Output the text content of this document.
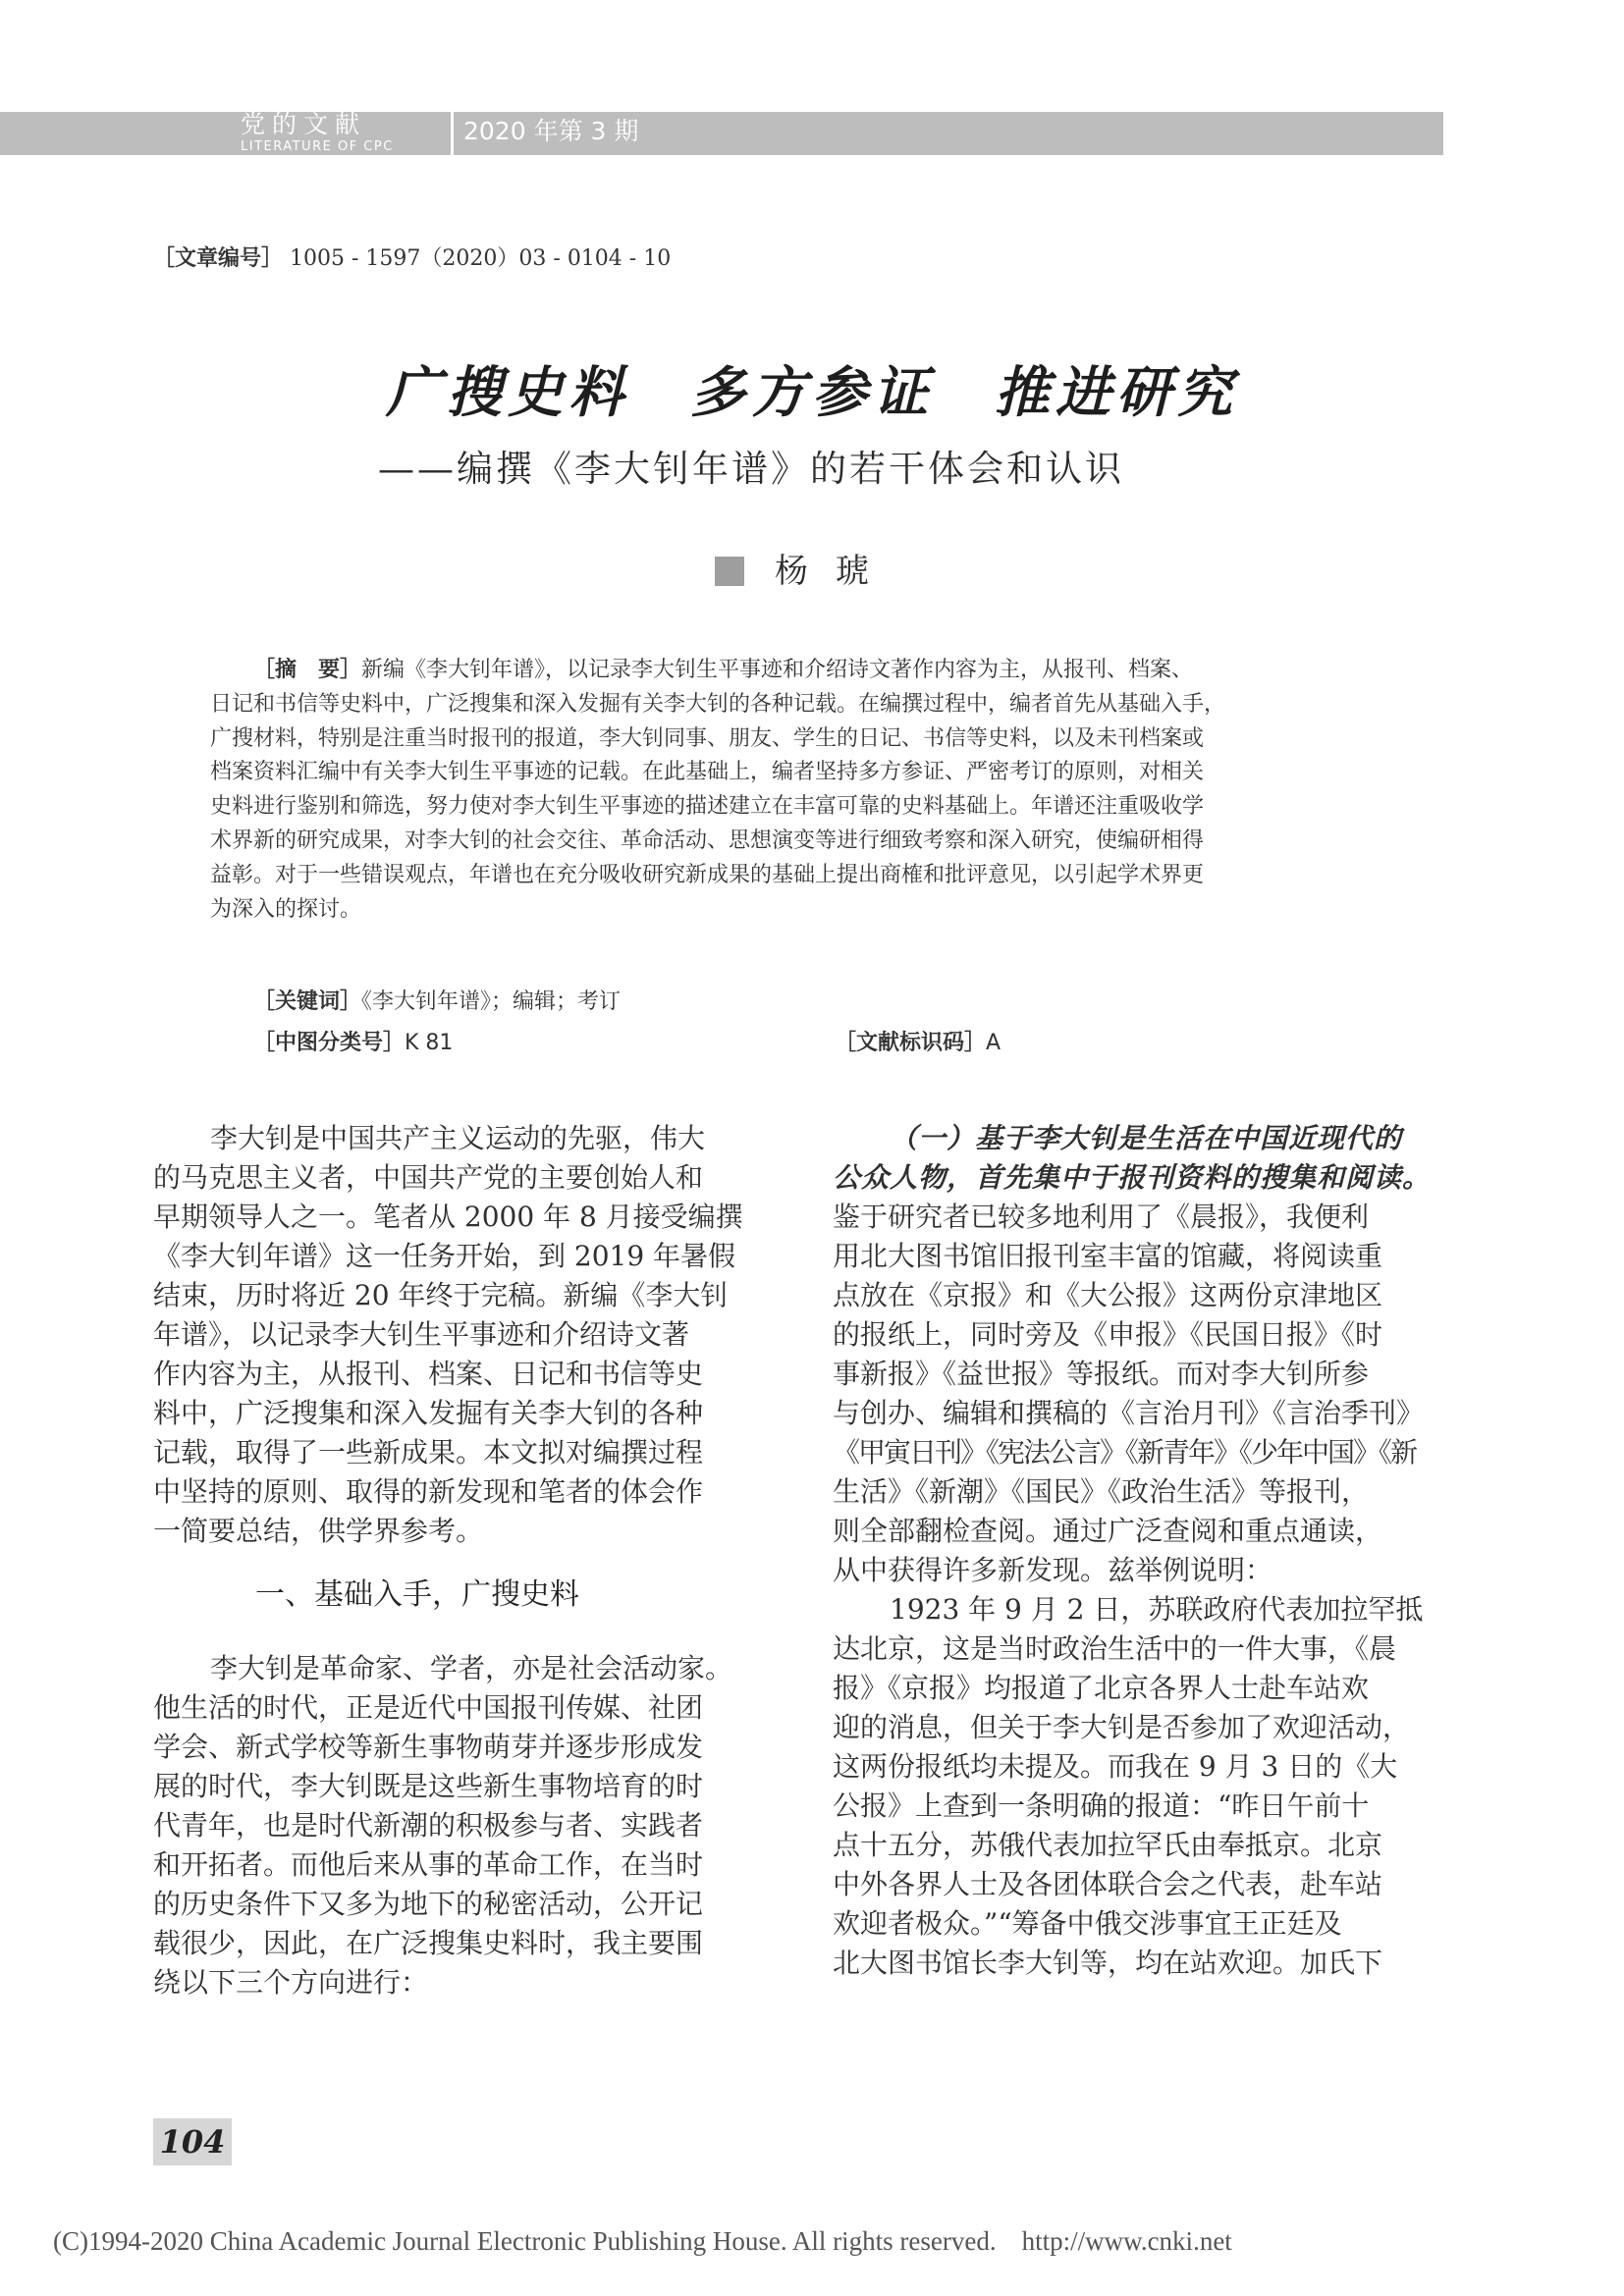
党的文献
LITERATURE OF CPC
2020 年第 3 期
［文章编号］ 1005 - 1597（2020）03 - 0104 - 10
广搜史料　多方参证　推进研究
——编撰《李大钊年谱》的若干体会和认识
杨琥
［摘　要］新编《李大钊年谱》，以记录李大钊生平事迹和介绍诗文著作内容为主，从报刊、档案、
日记和书信等史料中，广泛搜集和深入发掘有关李大钊的各种记载。在编撰过程中，编者首先从基础入手，
广搜材料，特别是注重当时报刊的报道，李大钊同事、朋友、学生的日记、书信等史料，以及未刊档案或
档案资料汇编中有关李大钊生平事迹的记载。在此基础上，编者坚持多方参证、严密考订的原则，对相关
史料进行鉴别和筛选，努力使对李大钊生平事迹的描述建立在丰富可靠的史料基础上。年谱还注重吸收学
术界新的研究成果，对李大钊的社会交往、革命活动、思想演变等进行细致考察和深入研究，使编研相得
益彰。对于一些错误观点，年谱也在充分吸收研究新成果的基础上提出商榷和批评意见，以引起学术界更
为深入的探讨。
［关键词］《李大钊年谱》；编辑；考订
［中图分类号］K 81	［文献标识码］A
李大钊是中国共产主义运动的先驱，伟大
的马克思主义者，中国共产党的主要创始人和
早期领导人之一。笔者从 2000 年 8 月接受编撰
《李大钊年谱》这一任务开始，到 2019 年暑假
结束，历时将近 20 年终于完稿。新编《李大钊
年谱》，以记录李大钊生平事迹和介绍诗文著
作内容为主，从报刊、档案、日记和书信等史
料中，广泛搜集和深入发掘有关李大钊的各种
记载，取得了一些新成果。本文拟对编撰过程
中坚持的原则、取得的新发现和笔者的体会作
一简要总结，供学界参考。
一、基础入手，广搜史料
李大钊是革命家、学者，亦是社会活动家。
他生活的时代，正是近代中国报刊传媒、社团
学会、新式学校等新生事物萌芽并逐步形成发
展的时代，李大钊既是这些新生事物培育的时
代青年，也是时代新潮的积极参与者、实践者
和开拓者。而他后来从事的革命工作，在当时
的历史条件下又多为地下的秘密活动，公开记
载很少，因此，在广泛搜集史料时，我主要围
绕以下三个方向进行：
（一）基于李大钊是生活在中国近现代的
公众人物，首先集中于报刊资料的搜集和阅读。
鉴于研究者已较多地利用了《晨报》，我便利
用北大图书馆旧报刊室丰富的馆藏，将阅读重
点放在《京报》和《大公报》这两份京津地区
的报纸上，同时旁及《申报》《民国日报》《时
事新报》《益世报》等报纸。而对李大钊所参
与创办、编辑和撰稿的《言治月刊》《言治季刊》
《甲寅日刊》《宪法公言》《新青年》《少年中国》《新
生活》《新潮》《国民》《政治生活》等报刊，
则全部翻检查阅。通过广泛查阅和重点通读，
从中获得许多新发现。兹举例说明：
1923 年 9 月 2 日，苏联政府代表加拉罕抵
达北京，这是当时政治生活中的一件大事，《晨
报》《京报》均报道了北京各界人士赴车站欢
迎的消息，但关于李大钊是否参加了欢迎活动，
这两份报纸均未提及。而我在 9 月 3 日的《大
公报》上查到一条明确的报道：“昨日午前十
点十五分，苏俄代表加拉罕氏由奉抵京。北京
中外各界人士及各团体联合会之代表，赴车站
欢迎者极众。”“筹备中俄交涉事宜王正廷及
北大图书馆长李大钊等，均在站欢迎。加氏下
104
(C)1994-2020 China Academic Journal Electronic Publishing House. All rights reserved. http://www.cnki.net
